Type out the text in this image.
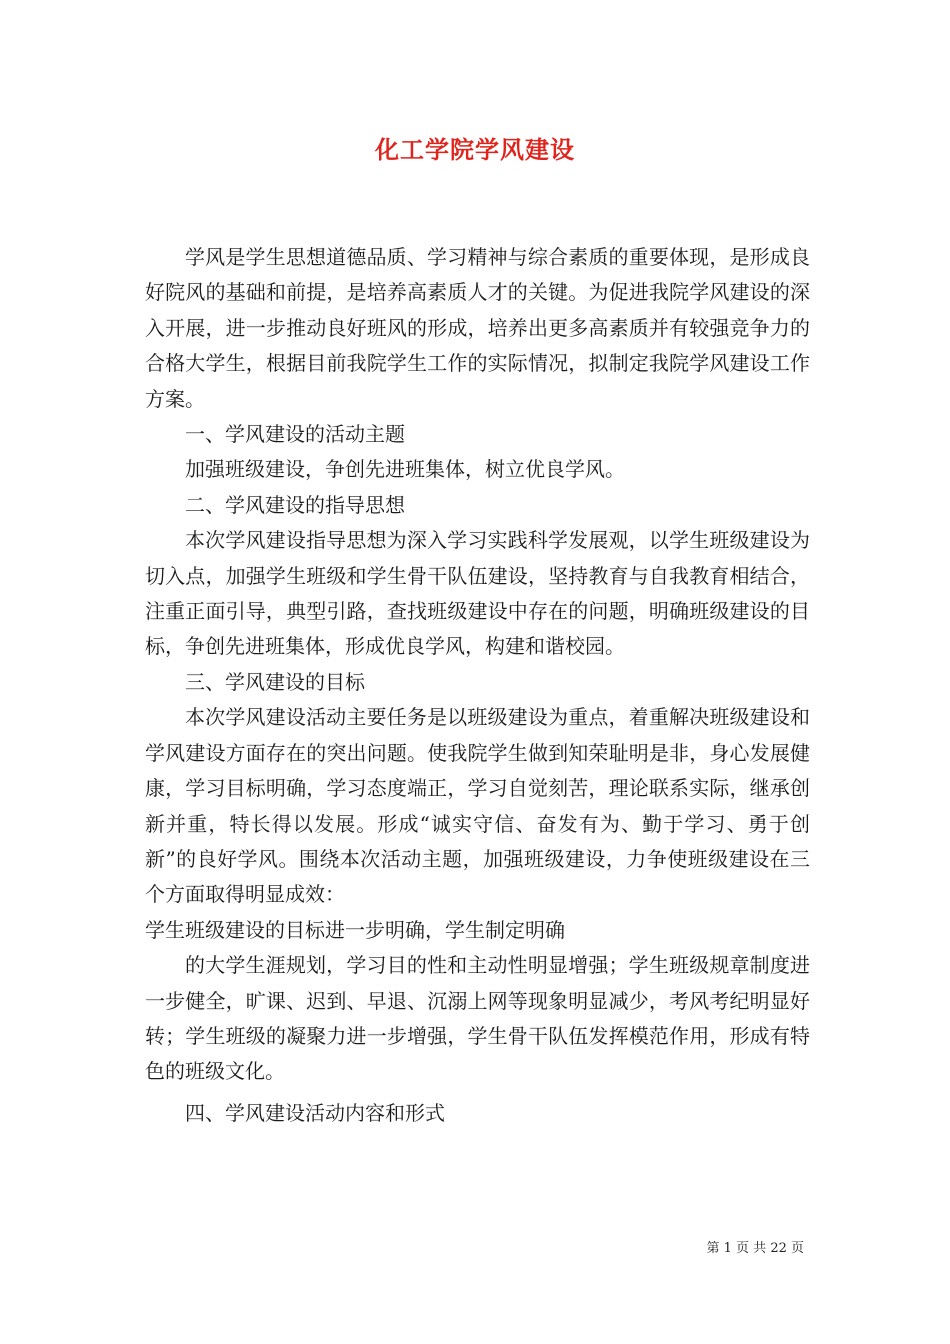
化工学院学风建设

学风是学生思想道德品质、学习精神与综合素质的重要体现，是形成良好院风的基础和前提，是培养高素质人才的关键。为促进我院学风建设的深入开展，进一步推动良好班风的形成，培养出更多高素质并有较强竞争力的合格大学生，根据目前我院学生工作的实际情况，拟制定我院学风建设工作方案。

一、学风建设的活动主题

加强班级建设，争创先进班集体，树立优良学风。

二、学风建设的指导思想

本次学风建设指导思想为深入学习实践科学发展观，以学生班级建设为切入点，加强学生班级和学生骨干队伍建设，坚持教育与自我教育相结合，注重正面引导，典型引路，查找班级建设中存在的问题，明确班级建设的目标，争创先进班集体，形成优良学风，构建和谐校园。

三、学风建设的目标

本次学风建设活动主要任务是以班级建设为重点，着重解决班级建设和学风建设方面存在的突出问题。使我院学生做到知荣耻明是非，身心发展健康，学习目标明确，学习态度端正，学习自觉刻苦，理论联系实际，继承创新并重，特长得以发展。形成“诚实守信、奋发有为、勤于学习、勇于创新”的良好学风。围绕本次活动主题，加强班级建设，力争使班级建设在三个方面取得明显成效：

学生班级建设的目标进一步明确，学生制定明确

的大学生涯规划，学习目的性和主动性明显增强；学生班级规章制度进一步健全，旷课、迟到、早退、沉溺上网等现象明显减少，考风考纪明显好转；学生班级的凝聚力进一步增强，学生骨干队伍发挥模范作用，形成有特色的班级文化。

四、学风建设活动内容和形式

第 1 页 共 22 页
